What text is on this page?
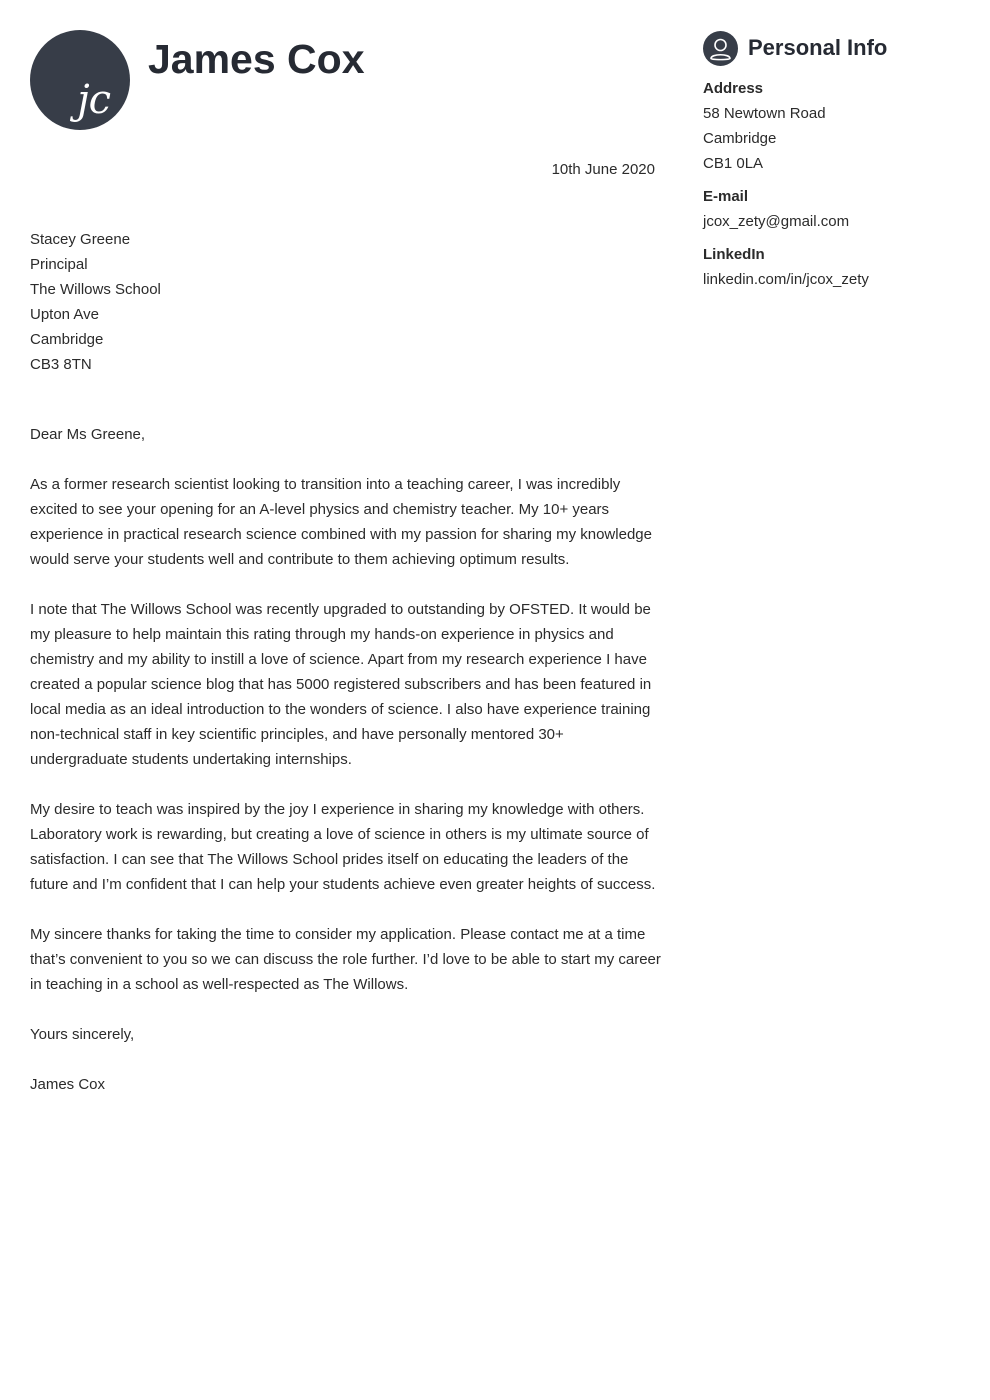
jc
James Cox
10th June 2020
Stacey Greene
Principal
The Willows School
Upton Ave
Cambridge
CB3 8TN

Dear Ms Greene,

As a former research scientist looking to transition into a teaching career, I was incredibly
excited to see your opening for an A-level physics and chemistry teacher. My 10+ years
experience in practical research science combined with my passion for sharing my knowledge
would serve your students well and contribute to them achieving optimum results.

I note that The Willows School was recently upgraded to outstanding by OFSTED. It would be
my pleasure to help maintain this rating through my hands-on experience in physics and
chemistry and my ability to instill a love of science. Apart from my research experience I have
created a popular science blog that has 5000 registered subscribers and has been featured in
local media as an ideal introduction to the wonders of science. I also have experience training
non-technical staff in key scientific principles, and have personally mentored 30+
undergraduate students undertaking internships.

My desire to teach was inspired by the joy I experience in sharing my knowledge with others.
Laboratory work is rewarding, but creating a love of science in others is my ultimate source of
satisfaction. I can see that The Willows School prides itself on educating the leaders of the
future and I’m confident that I can help your students achieve even greater heights of success.

My sincere thanks for taking the time to consider my application. Please contact me at a time
that’s convenient to you so we can discuss the role further. I’d love to be able to start my career
in teaching in a school as well-respected as The Willows.

Yours sincerely,

James Cox

Personal Info
Address
58 Newtown Road
Cambridge
CB1 0LA
E-mail
jcox_zety@gmail.com
LinkedIn
linkedin.com/in/jcox_zety
